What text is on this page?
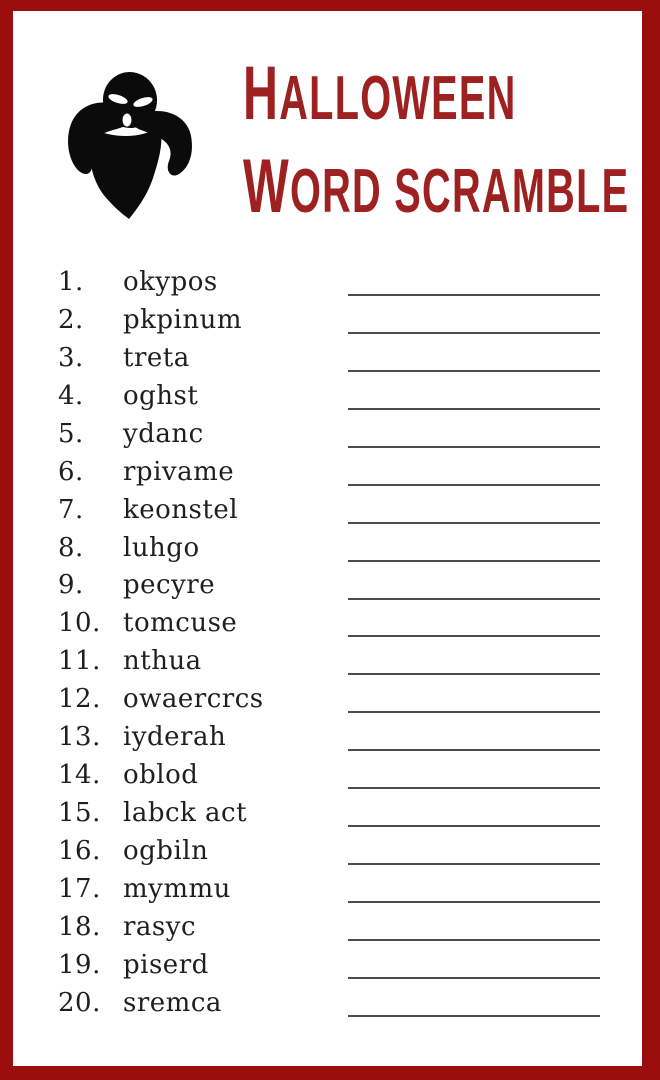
HALLOWEEN
WORD SCRAMBLE
1.	okypos
2.	pkpinum
3.	treta
4.	oghst
5.	ydanc
6.	rpivame
7.	keonstel
8.	luhgo
9.	pecyre
10. tomcuse
11. nthua
12. owaercrcs
13. iyderah
14. oblod
15. labck act
16. ogbiln
17. mymmu
18. rasyc
19. piserd
20. sremca
